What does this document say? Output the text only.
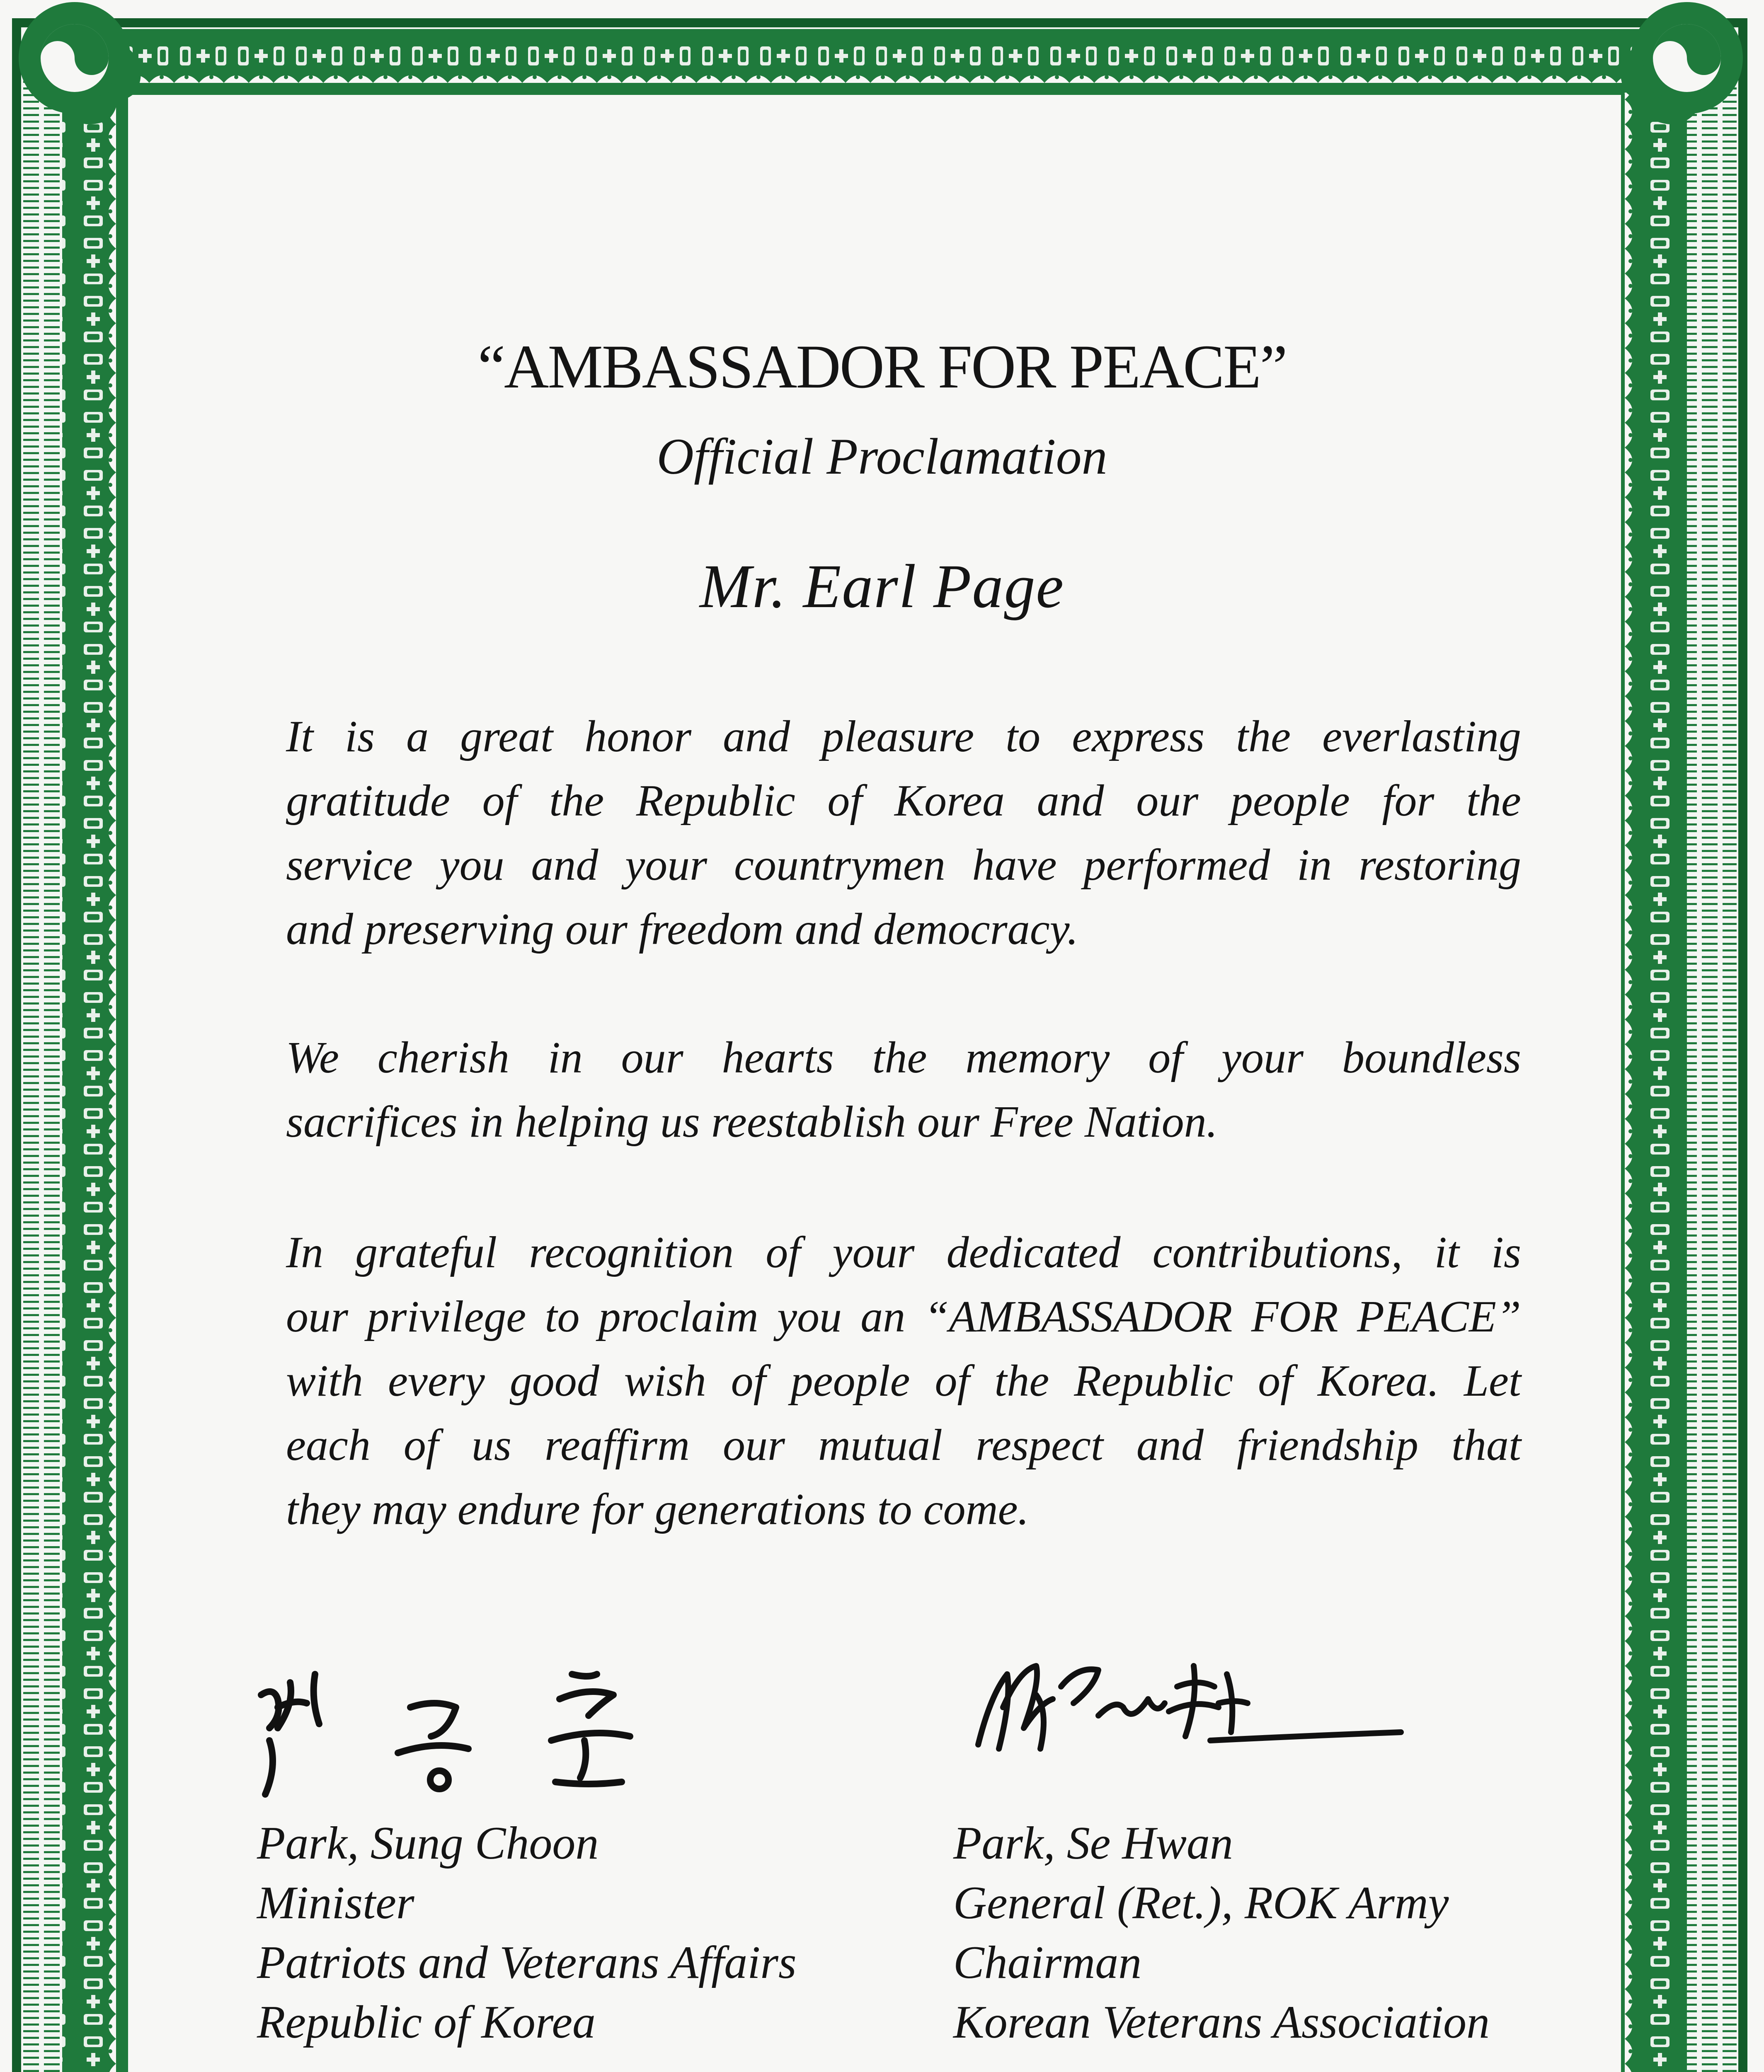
“AMBASSADOR FOR PEACE”
Official Proclamation
Mr. Earl Page

It is a great honor and pleasure to express the everlasting
gratitude of the Republic of Korea and our people for the
service you and your countrymen have performed in restoring
and preserving our freedom and democracy.

We cherish in our hearts the memory of your boundless
sacrifices in helping us reestablish our Free Nation.

In grateful recognition of your dedicated contributions, it is
our privilege to proclaim you an “AMBASSADOR FOR PEACE”
with every good wish of people of the Republic of Korea. Let
each of us reaffirm our mutual respect and friendship that
they may endure for generations to come.

Park, Sung Choon
Minister
Patriots and Veterans Affairs
Republic of Korea

Park, Se Hwan
General (Ret.), ROK Army
Chairman
Korean Veterans Association
